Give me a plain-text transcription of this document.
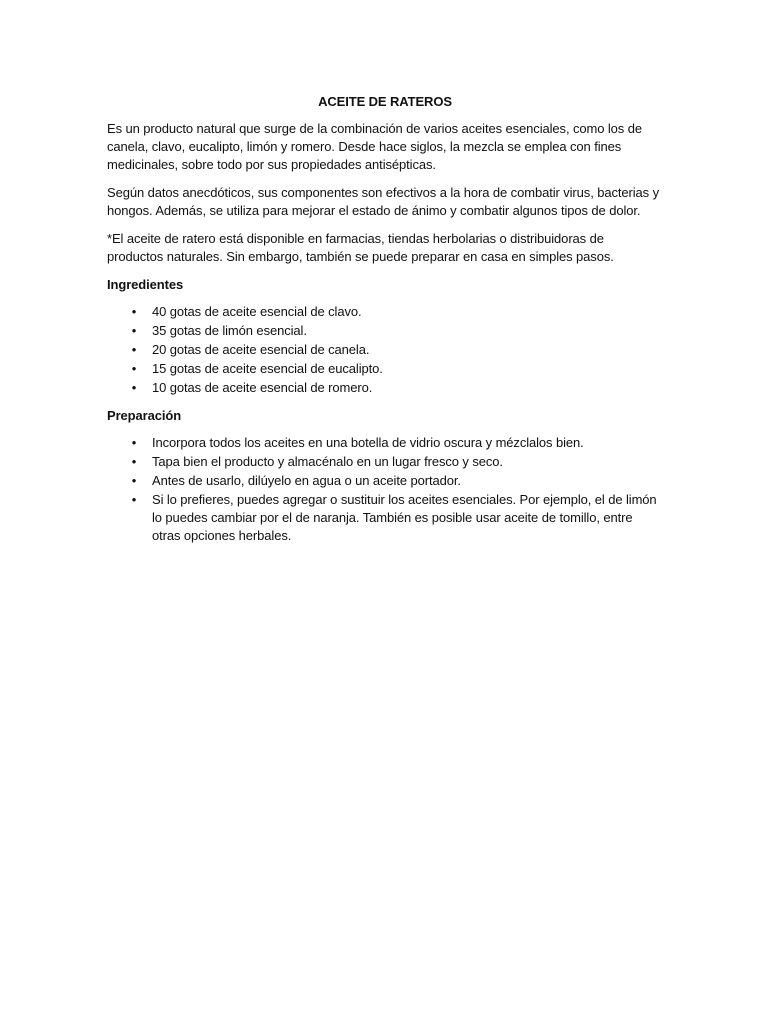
ACEITE DE RATEROS

Es un producto natural que surge de la combinación de varios aceites esenciales, como los de canela, clavo, eucalipto, limón y romero. Desde hace siglos, la mezcla se emplea con fines medicinales, sobre todo por sus propiedades antisépticas.

Según datos anecdóticos, sus componentes son efectivos a la hora de combatir virus, bacterias y hongos. Además, se utiliza para mejorar el estado de ánimo y combatir algunos tipos de dolor.

*El aceite de ratero está disponible en farmacias, tiendas herbolarias o distribuidoras de productos naturales. Sin embargo, también se puede preparar en casa en simples pasos.

Ingredientes
• 40 gotas de aceite esencial de clavo.
• 35 gotas de limón esencial.
• 20 gotas de aceite esencial de canela.
• 15 gotas de aceite esencial de eucalipto.
• 10 gotas de aceite esencial de romero.
Preparación
• Incorpora todos los aceites en una botella de vidrio oscura y mézclalos bien.
• Tapa bien el producto y almacénalo en un lugar fresco y seco.
• Antes de usarlo, dilúyelo en agua o un aceite portador.
• Si lo prefieres, puedes agregar o sustituir los aceites esenciales. Por ejemplo, el de limón lo puedes cambiar por el de naranja. También es posible usar aceite de tomillo, entre otras opciones herbales.
